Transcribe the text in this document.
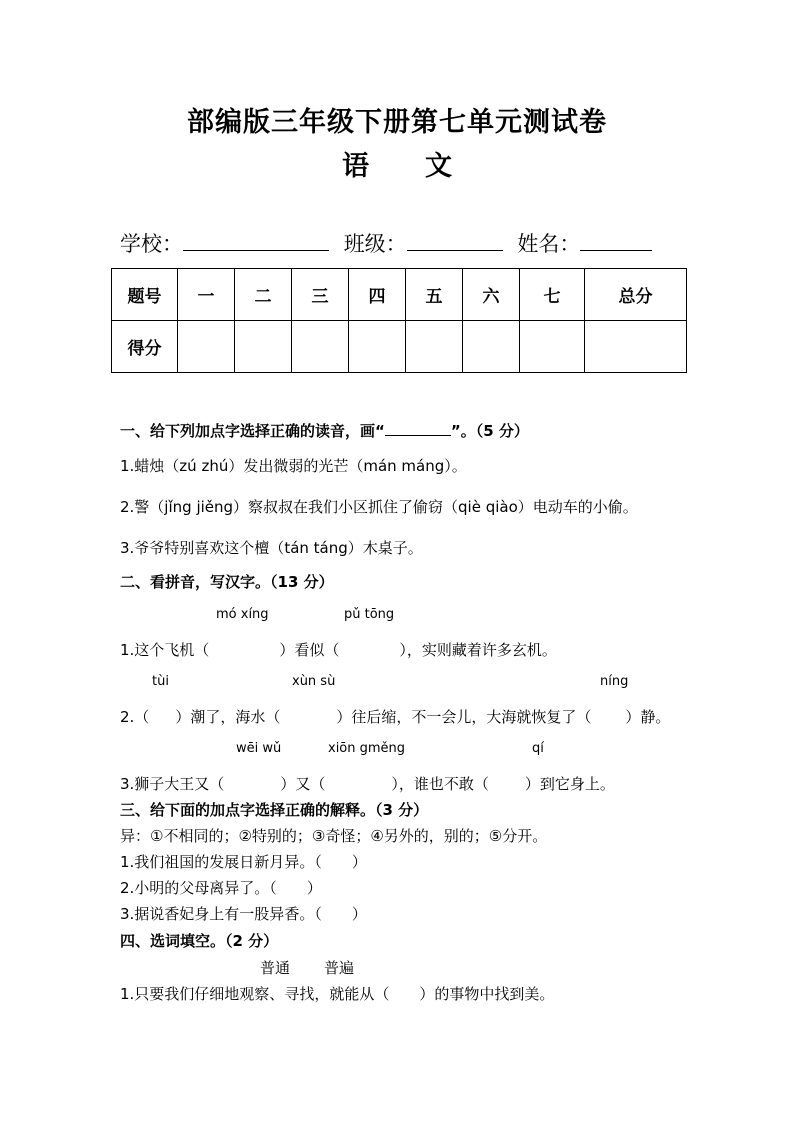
部编版三年级下册第七单元测试卷
语 文
学校：	班级：	姓名：
题号	一	二	三	四	五	六	七	总分
得分								
一、给下列加点字选择正确的读音，画“	”。（5 分）
1.蜡烛（zú zhú）发出微弱的光芒（mán máng）。
2.警（jǐng jiěng）察叔叔在我们小区抓住了偷窃（qiè qiào）电动车的小偷。
3.爷爷特别喜欢这个檀（tán táng）木桌子。
二、看拼音，写汉字。（13 分）
mó xíng	pǔ tōng
1.这个飞机（	）看似（	），实则藏着许多玄机。
tùi	xùn sù	níng
2.（ ）潮了，海水（	）往后缩，不一会儿，大海就恢复了（ ）静。
wēi wǔ	xiōn gměng	qí
3.狮子大王又（	）又（	），谁也不敢（ ）到它身上。
三、给下面的加点字选择正确的解释。（3 分）
异：①不相同的；②特别的；③奇怪；④另外的，别的；⑤分开。
1.我们祖国的发展日新月异。（　　）
2.小明的父母离异了。（　　）
3.据说香妃身上有一股异香。（　　）
四、选词填空。（2 分）
普通 普遍
1.只要我们仔细地观察、寻找，就能从（　　）的事物中找到美。
